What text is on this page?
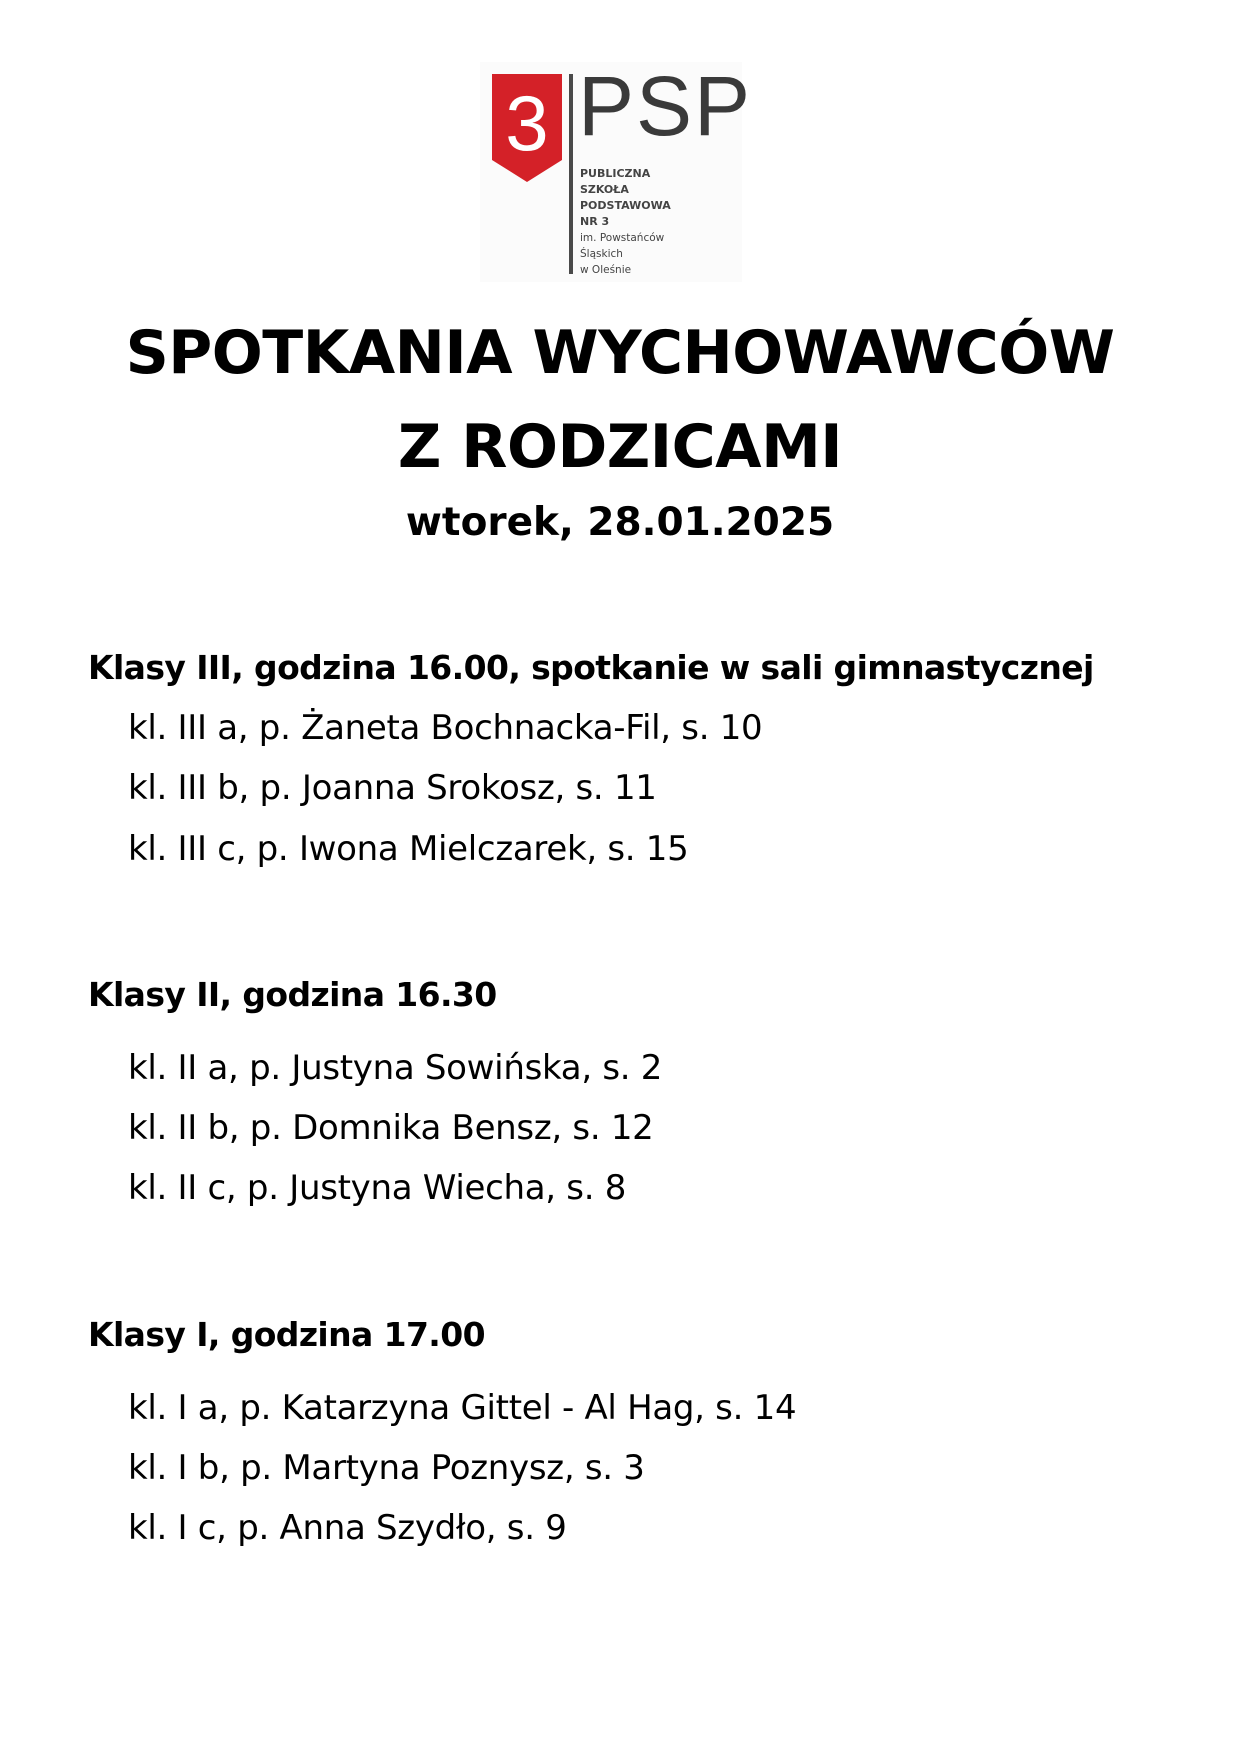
3 PSP
PUBLICZNA
SZKOŁA
PODSTAWOWA
NR 3
im. Powstańców
Śląskich
w Oleśnie
SPOTKANIA WYCHOWAWCÓW
Z RODZICAMI
wtorek, 28.01.2025
Klasy III, godzina 16.00, spotkanie w sali gimnastycznej
kl. III a, p. Żaneta Bochnacka-Fil, s. 10
kl. III b, p. Joanna Srokosz, s. 11
kl. III c, p. Iwona Mielczarek, s. 15
Klasy II, godzina 16.30
kl. II a, p. Justyna Sowińska, s. 2
kl. II b, p. Domnika Bensz, s. 12
kl. II c, p. Justyna Wiecha, s. 8
Klasy I, godzina 17.00
kl. I a, p. Katarzyna Gittel - Al Hag, s. 14
kl. I b, p. Martyna Poznysz, s. 3
kl. I c, p. Anna Szydło, s. 9
